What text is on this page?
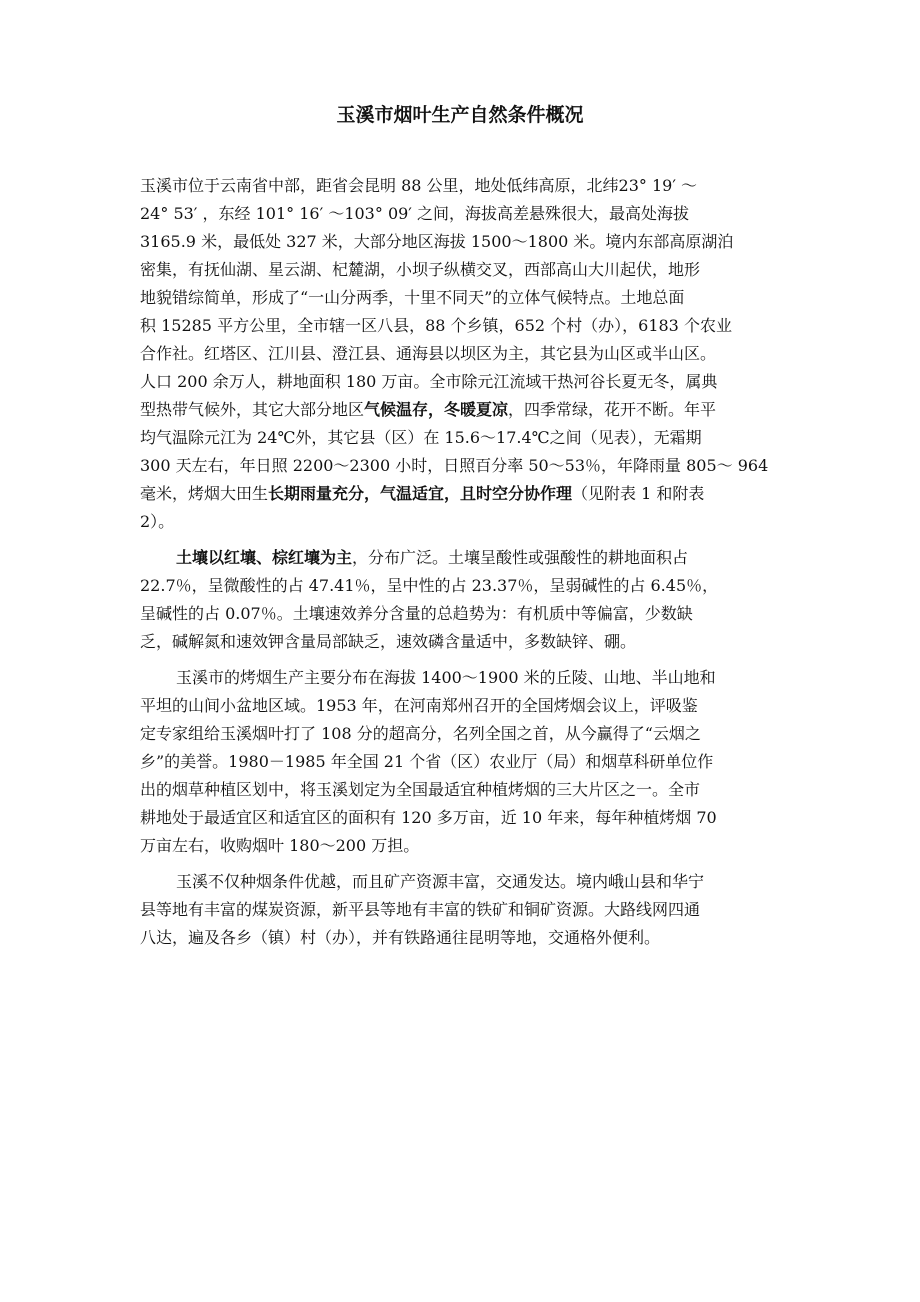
玉溪市烟叶生产自然条件概况
玉溪市位于云南省中部，距省会昆明 88 公里，地处低纬高原，北纬23° 19′ ～
24° 53′ ，东经 101° 16′ ～103° 09′ 之间，海拔高差悬殊很大，最高处海拔
3165.9 米，最低处 327 米，大部分地区海拔 1500～1800 米。境内东部高原湖泊
密集，有抚仙湖、星云湖、杞麓湖，小坝子纵横交叉，西部高山大川起伏，地形
地貌错综简单，形成了“一山分两季，十里不同天”的立体气候特点。土地总面
积 15285 平方公里，全市辖一区八县，88 个乡镇，652 个村（办），6183 个农业
合作社。红塔区、江川县、澄江县、通海县以坝区为主，其它县为山区或半山区。
人口 200 余万人，耕地面积 180 万亩。全市除元江流域干热河谷长夏无冬，属典
型热带气候外，其它大部分地区气候温存，冬暖夏凉，四季常绿，花开不断。年平
均气温除元江为 24℃外，其它县（区）在 15.6～17.4℃之间（见表），无霜期
300 天左右，年日照 2200～2300 小时，日照百分率 50～53％，年降雨量 805～ 964
毫米，烤烟大田生长期雨量充分，气温适宜，且时空分协作理（见附表 1 和附表
2）。
土壤以红壤、棕红壤为主，分布广泛。土壤呈酸性或强酸性的耕地面积占
22.7％，呈微酸性的占 47.41％，呈中性的占 23.37％，呈弱碱性的占 6.45％，
呈碱性的占 0.07％。土壤速效养分含量的总趋势为：有机质中等偏富，少数缺
乏，碱解氮和速效钾含量局部缺乏，速效磷含量适中，多数缺锌、硼。
玉溪市的烤烟生产主要分布在海拔 1400～1900 米的丘陵、山地、半山地和
平坦的山间小盆地区域。1953 年，在河南郑州召开的全国烤烟会议上，评吸鉴
定专家组给玉溪烟叶打了 108 分的超高分，名列全国之首，从今赢得了“云烟之
乡”的美誉。1980－1985 年全国 21 个省（区）农业厅（局）和烟草科研单位作
出的烟草种植区划中，将玉溪划定为全国最适宜种植烤烟的三大片区之一。全市
耕地处于最适宜区和适宜区的面积有 120 多万亩，近 10 年来，每年种植烤烟 70
万亩左右，收购烟叶 180～200 万担。
玉溪不仅种烟条件优越，而且矿产资源丰富，交通发达。境内峨山县和华宁
县等地有丰富的煤炭资源，新平县等地有丰富的铁矿和铜矿资源。大路线网四通
八达，遍及各乡（镇）村（办），并有铁路通往昆明等地，交通格外便利。
